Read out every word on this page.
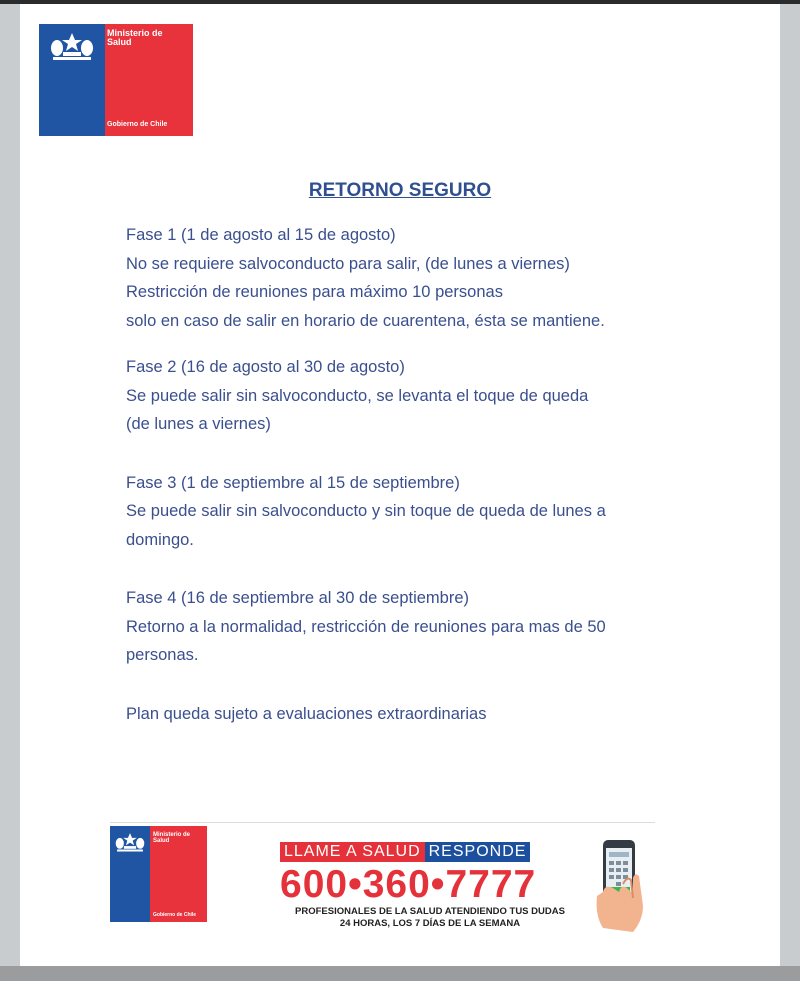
Ministerio de Salud
Gobierno de Chile
RETORNO SEGURO
Fase 1 (1 de agosto al 15 de agosto)
No se requiere salvoconducto para salir, (de lunes a viernes)
Restricción de reuniones para máximo 10 personas
solo en caso de salir en horario de cuarentena, ésta se mantiene.
Fase 2 (16 de agosto al 30 de agosto)
Se puede salir sin salvoconducto, se levanta el toque de queda
(de lunes a viernes)
Fase 3 (1 de septiembre al 15 de septiembre)
Se puede salir sin salvoconducto y sin toque de queda de lunes a
domingo.
Fase 4 (16 de septiembre al 30 de septiembre)
Retorno a la normalidad, restricción de reuniones para mas de 50
personas.
Plan queda sujeto a evaluaciones extraordinarias
Ministerio de Salud
Gobierno de Chile
LLAME A SALUD RESPONDE
600•360•7777
PROFESIONALES DE LA SALUD ATENDIENDO TUS DUDAS
24 HORAS, LOS 7 DÍAS DE LA SEMANA
